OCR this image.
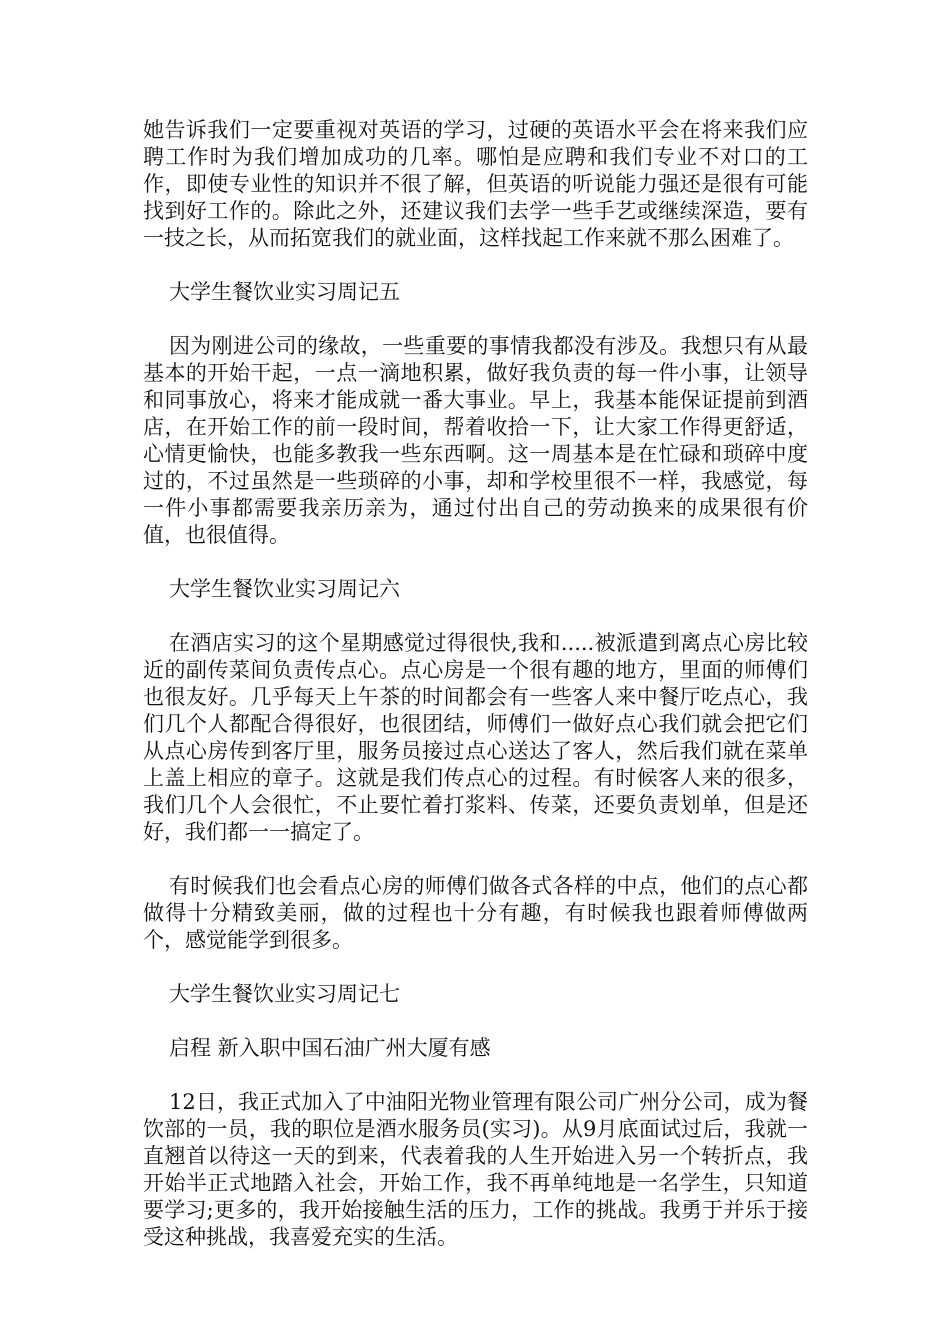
她告诉我们一定要重视对英语的学习，过硬的英语水平会在将来我们应聘工作时为我们增加成功的几率。哪怕是应聘和我们专业不对口的工作，即使专业性的知识并不很了解，但英语的听说能力强还是很有可能找到好工作的。除此之外，还建议我们去学一些手艺或继续深造，要有一技之长，从而拓宽我们的就业面，这样找起工作来就不那么困难了。

大学生餐饮业实习周记五

因为刚进公司的缘故，一些重要的事情我都没有涉及。我想只有从最基本的开始干起，一点一滴地积累，做好我负责的每一件小事，让领导和同事放心，将来才能成就一番大事业。早上，我基本能保证提前到酒店，在开始工作的前一段时间，帮着收拾一下，让大家工作得更舒适，心情更愉快，也能多教我一些东西啊。这一周基本是在忙碌和琐碎中度过的，不过虽然是一些琐碎的小事，却和学校里很不一样，我感觉，每一件小事都需要我亲历亲为，通过付出自己的劳动换来的成果很有价值，也很值得。

大学生餐饮业实习周记六

在酒店实习的这个星期感觉过得很快,我和.....被派遣到离点心房比较近的副传菜间负责传点心。点心房是一个很有趣的地方，里面的师傅们也很友好。几乎每天上午茶的时间都会有一些客人来中餐厅吃点心，我们几个人都配合得很好，也很团结，师傅们一做好点心我们就会把它们从点心房传到客厅里，服务员接过点心送达了客人，然后我们就在菜单上盖上相应的章子。这就是我们传点心的过程。有时候客人来的很多，我们几个人会很忙，不止要忙着打浆料、传菜，还要负责划单，但是还好，我们都一一搞定了。

有时候我们也会看点心房的师傅们做各式各样的中点，他们的点心都做得十分精致美丽，做的过程也十分有趣，有时候我也跟着师傅做两个，感觉能学到很多。

大学生餐饮业实习周记七

启程 新入职中国石油广州大厦有感

12日，我正式加入了中油阳光物业管理有限公司广州分公司，成为餐饮部的一员，我的职位是酒水服务员(实习)。从9月底面试过后，我就一直翘首以待这一天的到来，代表着我的人生开始进入另一个转折点，我开始半正式地踏入社会，开始工作，我不再单纯地是一名学生，只知道要学习;更多的，我开始接触生活的压力，工作的挑战。我勇于并乐于接受这种挑战，我喜爱充实的生活。
